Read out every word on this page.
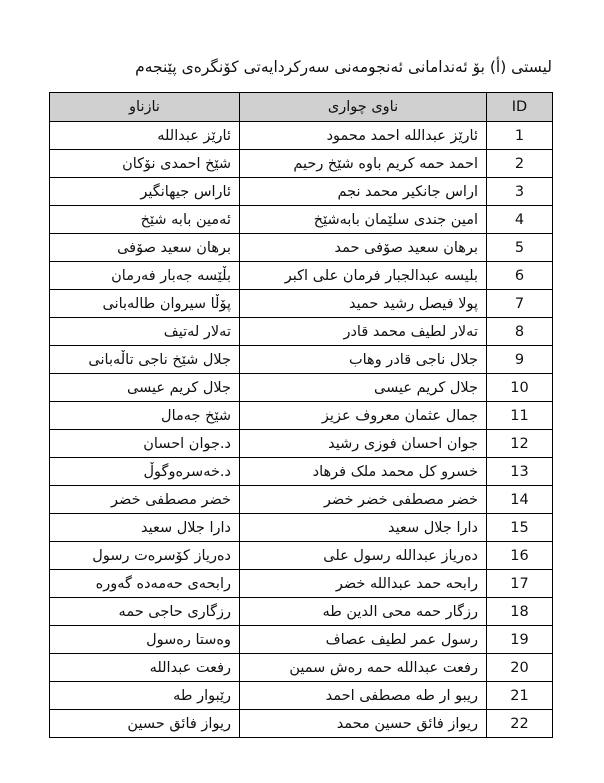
لیستی (أ) بۆ ئەندامانی ئەنجومەنی سەرکردایەتی کۆنگرەی پێنجەم
نازناو	ناوی چواری	ID
ئارێز عبداللە	ئارێز عبدالله احمد محمود	1
شێخ احمدی نۆکان	احمد حمه کریم باوه شێخ رحیم	2
ئاراس جیهانگیر	اراس جانکیر محمد نجم	3
ئەمین بابە شێخ	امین جندی سلێمان بابەشێخ	4
برهان سعید صۆفی	برهان سعید صۆفی حمد	5
بڵێسە جەبار فەرمان	بلیسه عبدالجبار فرمان علی اکبر	6
پۆڵا سیروان طالەبانی	پولا فیصل رشید حمید	7
تەلار لەتیف	تەلار لطیف محمد قادر	8
جلال شێخ ناجی تاڵەبانی	جلال ناجی قادر وهاب	9
جلال کریم عیسی	جلال کریم عیسی	10
شێخ جەمال	جمال عثمان معروف عزیز	11
د.جوان احسان	جوان احسان فوزی رشید	12
د.خەسرەوگوڵ	خسرو کل محمد ملک فرهاد	13
خضر مصطفی خضر	خضر مصطفی خضر خضر	14
دارا جلال سعید	دارا جلال سعید	15
دەریاز کۆسرەت رسول	دەریاز عبدالله رسول علی	16
رابحەی حەمەدە گەورە	رابحه حمد عبدالله خضر	17
رزگاری حاجی حمه	رزگار حمه محی الدین طه	18
وەستا رەسول	رسول عمر لطیف عصاف	19
رفعت عبداللە	رفعت عبدالله حمه رەش سمین	20
رێبوار طه	ریبو ار طه مصطفی احمد	21
ریواز فائق حسین	ریواز فائق حسین محمد	22
